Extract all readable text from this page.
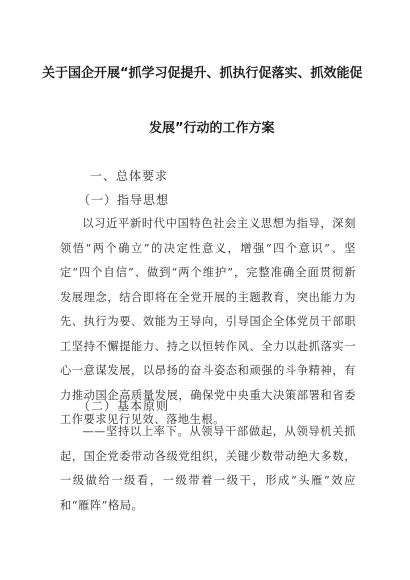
关于国企开展“抓学习促提升、抓执行促落实、抓效能促
发展”行动的工作方案
一、总体要求
（一）指导思想
以习近平新时代中国特色社会主义思想为指导，深刻领悟“两个确立”的决定性意义，增强“四个意识”、坚定“四个自信”、做到“两个维护”，完整准确全面贯彻新发展理念，结合即将在全党开展的主题教育，突出能力为先、执行为要、效能为王导向，引导国企全体党员干部职工坚持不懈提能力、持之以恒转作风、全力以赴抓落实一心一意谋发展，以昂扬的奋斗姿态和顽强的斗争精神，有力推动国企高质量发展，确保党中央重大决策部署和省委工作要求见行见效、落地生根。
（二）基本原则
——坚持以上率下。从领导干部做起，从领导机关抓起，国企党委带动各级党组织，关键少数带动绝大多数，一级做给一级看，一级带着一级干，形成“头雁”效应和“雁阵”格局。
